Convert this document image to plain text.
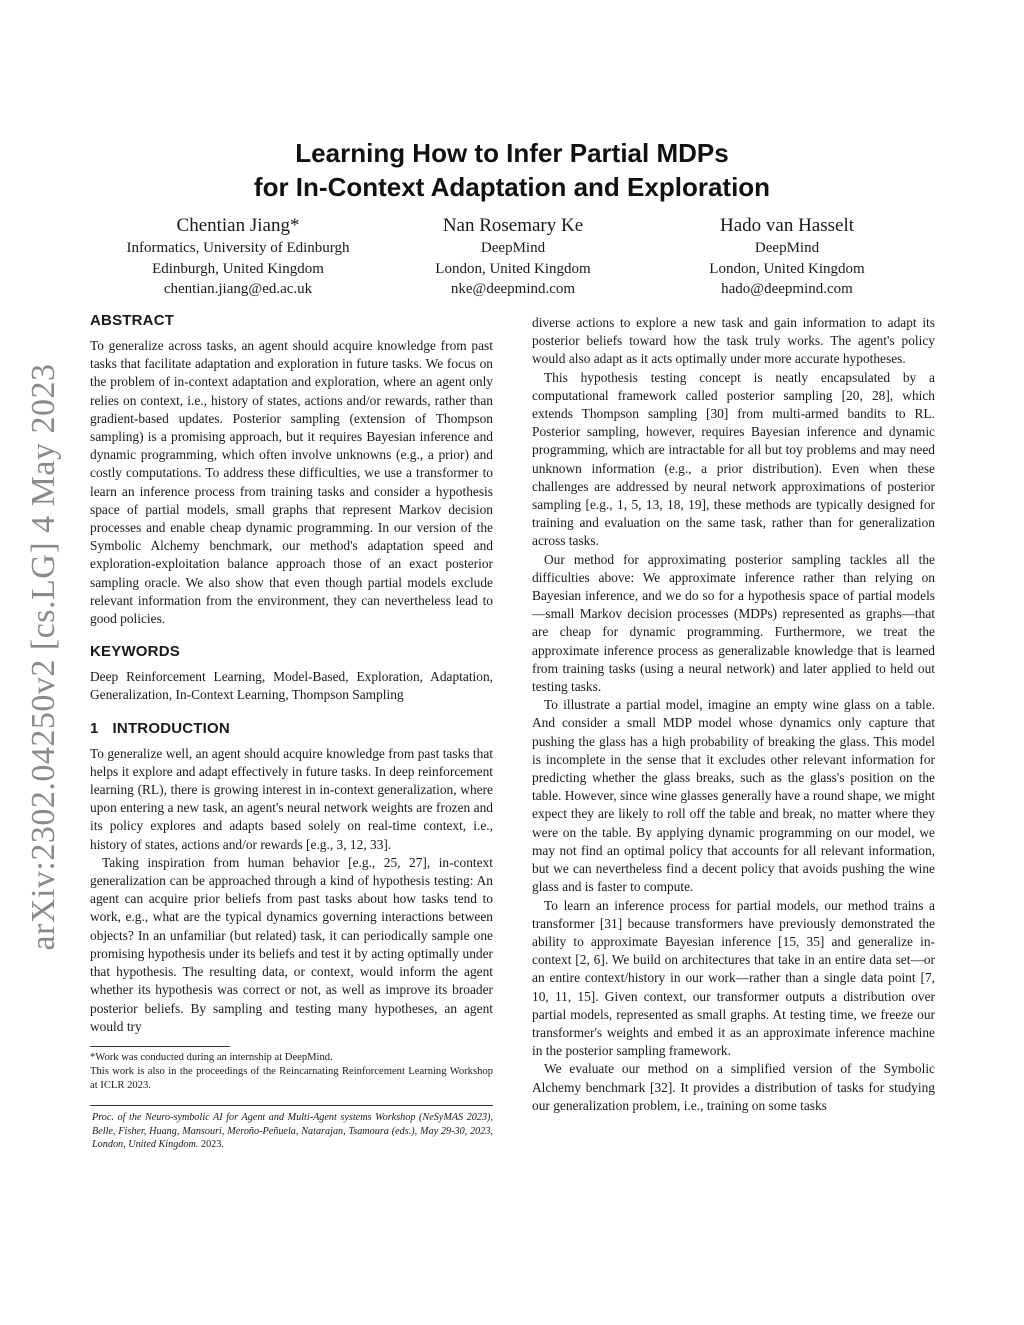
arXiv:2302.04250v2 [cs.LG] 4 May 2023
Learning How to Infer Partial MDPs
for In-Context Adaptation and Exploration
Chentian Jiang*
Informatics, University of Edinburgh
Edinburgh, United Kingdom
chentian.jiang@ed.ac.uk
Nan Rosemary Ke
DeepMind
London, United Kingdom
nke@deepmind.com
Hado van Hasselt
DeepMind
London, United Kingdom
hado@deepmind.com
ABSTRACT

To generalize across tasks, an agent should acquire knowledge from past tasks that facilitate adaptation and exploration in future tasks. We focus on the problem of in-context adaptation and exploration, where an agent only relies on context, i.e., history of states, actions and/or rewards, rather than gradient-based updates. Posterior sampling (extension of Thompson sampling) is a promising approach, but it requires Bayesian inference and dynamic programming, which often involve unknowns (e.g., a prior) and costly computations. To address these difficulties, we use a transformer to learn an inference process from training tasks and consider a hypothesis space of partial models, small graphs that represent Markov decision processes and enable cheap dynamic programming. In our version of the Symbolic Alchemy benchmark, our method's adaptation speed and exploration-exploitation balance approach those of an exact posterior sampling oracle. We also show that even though partial models exclude relevant information from the environment, they can nevertheless lead to good policies.

KEYWORDS

Deep Reinforcement Learning, Model-Based, Exploration, Adaptation, Generalization, In-Context Learning, Thompson Sampling

1 INTRODUCTION

To generalize well, an agent should acquire knowledge from past tasks that helps it explore and adapt effectively in future tasks. In deep reinforcement learning (RL), there is growing interest in in-context generalization, where upon entering a new task, an agent's neural network weights are frozen and its policy explores and adapts based solely on real-time context, i.e., history of states, actions and/or rewards [e.g., 3, 12, 33].

Taking inspiration from human behavior [e.g., 25, 27], in-context generalization can be approached through a kind of hypothesis testing: An agent can acquire prior beliefs from past tasks about how tasks tend to work, e.g., what are the typical dynamics governing interactions between objects? In an unfamiliar (but related) task, it can periodically sample one promising hypothesis under its beliefs and test it by acting optimally under that hypothesis. The resulting data, or context, would inform the agent whether its hypothesis was correct or not, as well as improve its broader posterior beliefs. By sampling and testing many hypotheses, an agent would try

*Work was conducted during an internship at DeepMind.
This work is also in the proceedings of the Reincarnating Reinforcement Learning Workshop at ICLR 2023.
Proc. of the Neuro-symbolic AI for Agent and Multi-Agent systems Workshop (NeSyMAS 2023), Belle, Fisher, Huang, Mansouri, Meroño-Peñuela, Natarajan, Tsamoura (eds.), May 29-30, 2023, London, United Kingdom. 2023.

diverse actions to explore a new task and gain information to adapt its posterior beliefs toward how the task truly works. The agent's policy would also adapt as it acts optimally under more accurate hypotheses.

This hypothesis testing concept is neatly encapsulated by a computational framework called posterior sampling [20, 28], which extends Thompson sampling [30] from multi-armed bandits to RL. Posterior sampling, however, requires Bayesian inference and dynamic programming, which are intractable for all but toy problems and may need unknown information (e.g., a prior distribution). Even when these challenges are addressed by neural network approximations of posterior sampling [e.g., 1, 5, 13, 18, 19], these methods are typically designed for training and evaluation on the same task, rather than for generalization across tasks.

Our method for approximating posterior sampling tackles all the difficulties above: We approximate inference rather than relying on Bayesian inference, and we do so for a hypothesis space of partial models—small Markov decision processes (MDPs) represented as graphs—that are cheap for dynamic programming. Furthermore, we treat the approximate inference process as generalizable knowledge that is learned from training tasks (using a neural network) and later applied to held out testing tasks.

To illustrate a partial model, imagine an empty wine glass on a table. And consider a small MDP model whose dynamics only capture that pushing the glass has a high probability of breaking the glass. This model is incomplete in the sense that it excludes other relevant information for predicting whether the glass breaks, such as the glass's position on the table. However, since wine glasses generally have a round shape, we might expect they are likely to roll off the table and break, no matter where they were on the table. By applying dynamic programming on our model, we may not find an optimal policy that accounts for all relevant information, but we can nevertheless find a decent policy that avoids pushing the wine glass and is faster to compute.

To learn an inference process for partial models, our method trains a transformer [31] because transformers have previously demonstrated the ability to approximate Bayesian inference [15, 35] and generalize in-context [2, 6]. We build on architectures that take in an entire data set—or an entire context/history in our work—rather than a single data point [7, 10, 11, 15]. Given context, our transformer outputs a distribution over partial models, represented as small graphs. At testing time, we freeze our transformer's weights and embed it as an approximate inference machine in the posterior sampling framework.

We evaluate our method on a simplified version of the Symbolic Alchemy benchmark [32]. It provides a distribution of tasks for studying our generalization problem, i.e., training on some tasks
